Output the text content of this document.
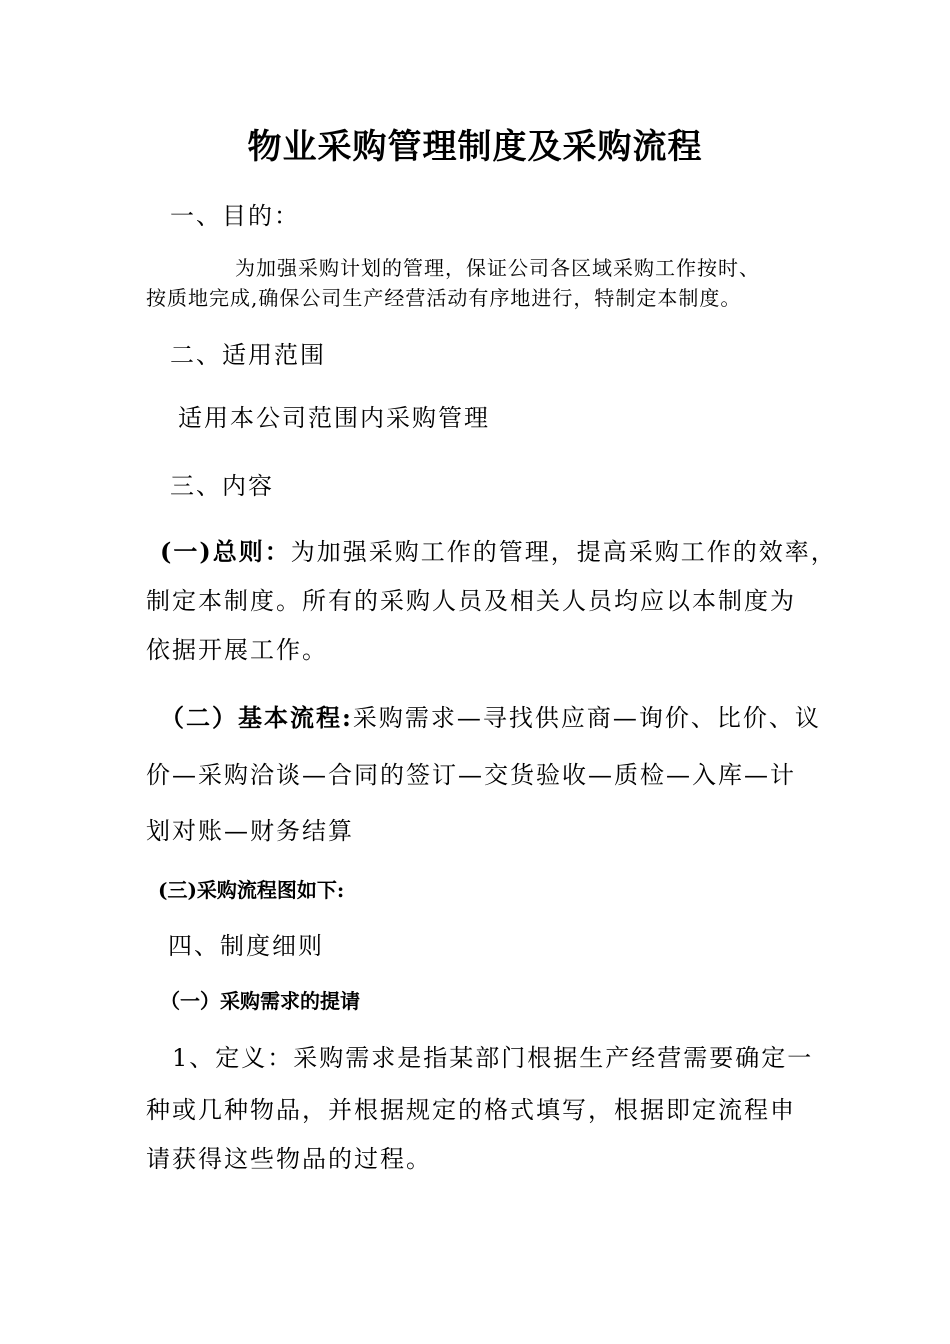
物业采购管理制度及采购流程
一、目的：
为加强采购计划的管理，保证公司各区域采购工作按时、
按质地完成,确保公司生产经营活动有序地进行，特制定本制度。
二、适用范围
适用本公司范围内采购管理
三、内容
(一)总则：为加强采购工作的管理，提高采购工作的效率，
制定本制度。所有的采购人员及相关人员均应以本制度为
依据开展工作。
（二）基本流程:采购需求—寻找供应商—询价、比价、议
价—采购洽谈—合同的签订—交货验收—质检—入库—计
划对账—财务结算
(三)采购流程图如下:
四、制度细则
（一）采购需求的提请
1、定义：采购需求是指某部门根据生产经营需要确定一
种或几种物品，并根据规定的格式填写，根据即定流程申
请获得这些物品的过程。
